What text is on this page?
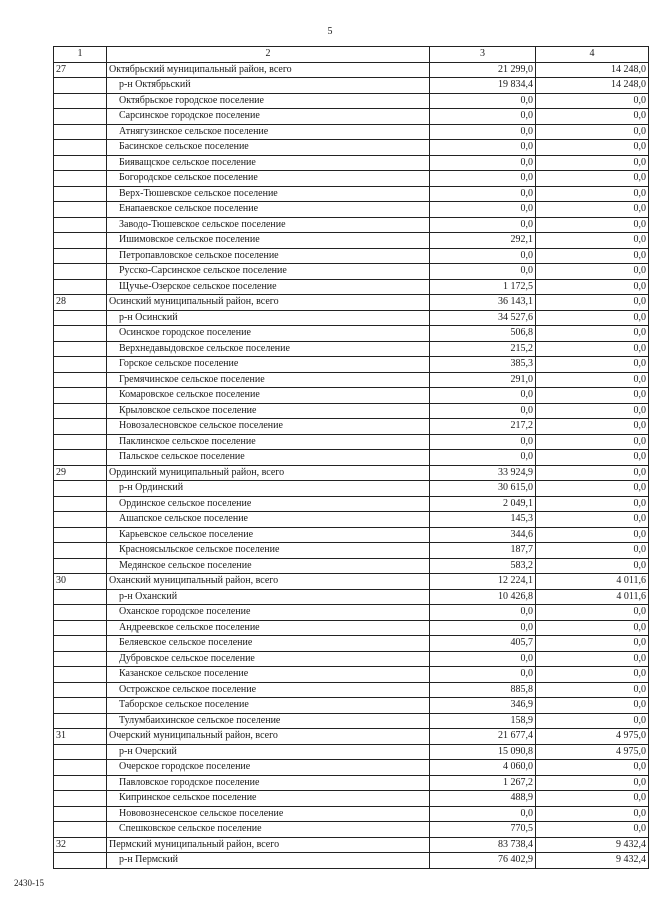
5
1	2	3	4
27	Октябрьский муниципальный район, всего	21 299,0	14 248,0
	р-н Октябрьский	19 834,4	14 248,0
	Октябрьское городское поселение	0,0	0,0
	Сарсинское городское поселение	0,0	0,0
	Атнягузинское сельское поселение	0,0	0,0
	Басинское сельское поселение	0,0	0,0
	Бияващское сельское поселение	0,0	0,0
	Богородское сельское поселение	0,0	0,0
	Верх-Тюшевское сельское поселение	0,0	0,0
	Енапаевское сельское поселение	0,0	0,0
	Заводо-Тюшевское сельское поселение	0,0	0,0
	Ишимовское сельское поселение	292,1	0,0
	Петропавловское сельское поселение	0,0	0,0
	Русско-Сарсинское сельское поселение	0,0	0,0
	Щучье-Озерское сельское поселение	1 172,5	0,0
28	Осинский муниципальный район, всего	36 143,1	0,0
	р-н Осинский	34 527,6	0,0
	Осинское городское поселение	506,8	0,0
	Верхнедавыдовское сельское поселение	215,2	0,0
	Горское сельское поселение	385,3	0,0
	Гремячинское сельское поселение	291,0	0,0
	Комаровское сельское поселение	0,0	0,0
	Крыловское сельское поселение	0,0	0,0
	Новозалесновское сельское поселение	217,2	0,0
	Паклинское сельское поселение	0,0	0,0
	Пальское сельское поселение	0,0	0,0
29	Ординский муниципальный район, всего	33 924,9	0,0
	р-н Ординский	30 615,0	0,0
	Ординское сельское поселение	2 049,1	0,0
	Ашапское сельское поселение	145,3	0,0
	Карьевское сельское поселение	344,6	0,0
	Красноясыльское сельское поселение	187,7	0,0
	Медянское сельское поселение	583,2	0,0
30	Оханский муниципальный район, всего	12 224,1	4 011,6
	р-н Оханский	10 426,8	4 011,6
	Оханское городское поселение	0,0	0,0
	Андреевское сельское поселение	0,0	0,0
	Беляевское сельское поселение	405,7	0,0
	Дубровское сельское поселение	0,0	0,0
	Казанское сельское поселение	0,0	0,0
	Острожское сельское поселение	885,8	0,0
	Таборское сельское поселение	346,9	0,0
	Тулумбаихинское сельское поселение	158,9	0,0
31	Очерский муниципальный район, всего	21 677,4	4 975,0
	р-н Очерский	15 090,8	4 975,0
	Очерское городское поселение	4 060,0	0,0
	Павловское городское поселение	1 267,2	0,0
	Кипринское сельское поселение	488,9	0,0
	Нововознесенское сельское поселение	0,0	0,0
	Спешковское сельское поселение	770,5	0,0
32	Пермский муниципальный район, всего	83 738,4	9 432,4
	р-н Пермский	76 402,9	9 432,4
2430-15
